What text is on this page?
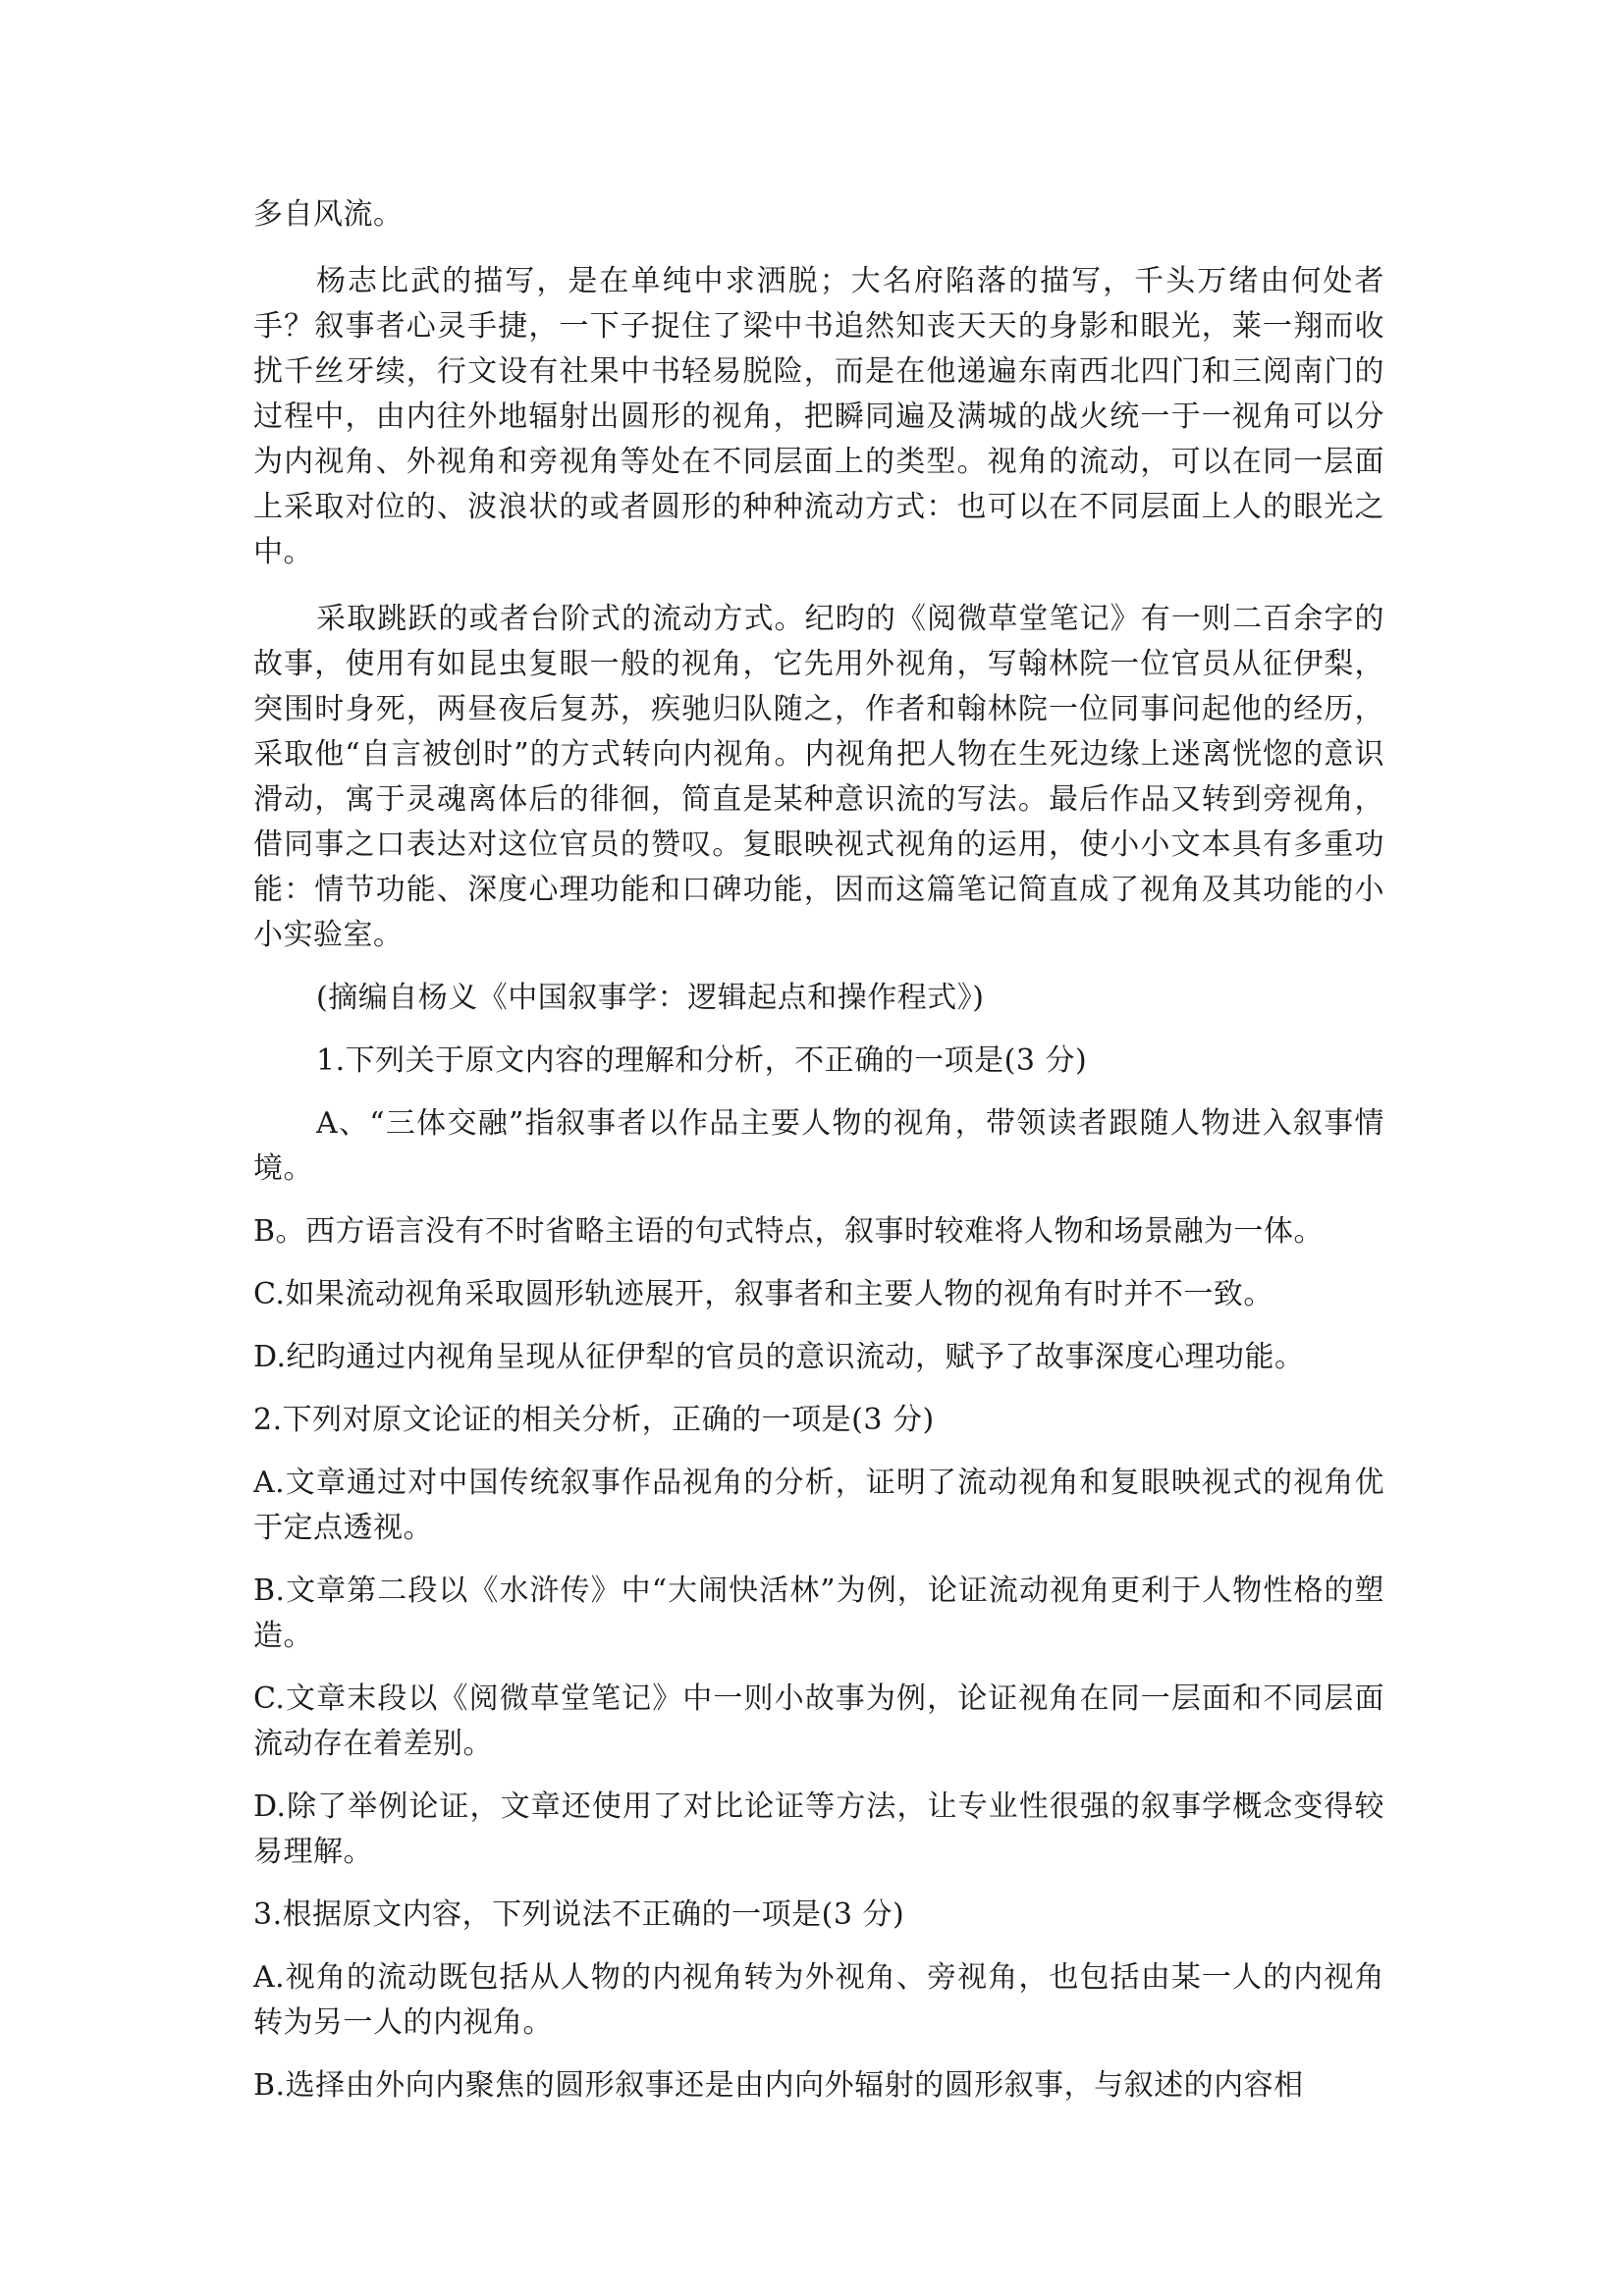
多自风流。

杨志比武的描写，是在单纯中求洒脱；大名府陷落的描写，千头万绪由何处者手？叙事者心灵手捷，一下子捉住了梁中书追然知丧天天的身影和眼光，莱一翔而收扰千丝牙续，行文设有社果中书轻易脱险，而是在他递遍东南西北四门和三阅南门的过程中，由内往外地辐射出圆形的视角，把瞬同遍及满城的战火统一于一视角可以分为内视角、外视角和旁视角等处在不同层面上的类型。视角的流动，可以在同一层面上采取对位的、波浪状的或者圆形的种种流动方式：也可以在不同层面上人的眼光之中。

采取跳跃的或者台阶式的流动方式。纪昀的《阅微草堂笔记》有一则二百余字的故事，使用有如昆虫复眼一般的视角，它先用外视角，写翰林院一位官员从征伊梨，突围时身死，两昼夜后复苏，疾驰归队随之，作者和翰林院一位同事问起他的经历，采取他“自言被创时”的方式转向内视角。内视角把人物在生死边缘上迷离恍惚的意识滑动，寓于灵魂离体后的徘徊，简直是某种意识流的写法。最后作品又转到旁视角，借同事之口表达对这位官员的赞叹。复眼映视式视角的运用，使小小文本具有多重功能：情节功能、深度心理功能和口碑功能，因而这篇笔记简直成了视角及其功能的小小实验室。

(摘编自杨义《中国叙事学：逻辑起点和操作程式》)

1.下列关于原文内容的理解和分析，不正确的一项是(3 分)

A、“三体交融”指叙事者以作品主要人物的视角，带领读者跟随人物进入叙事情境。

B。西方语言没有不时省略主语的句式特点，叙事时较难将人物和场景融为一体。

C.如果流动视角采取圆形轨迹展开，叙事者和主要人物的视角有时并不一致。

D.纪昀通过内视角呈现从征伊犁的官员的意识流动，赋予了故事深度心理功能。

2.下列对原文论证的相关分析，正确的一项是(3 分)

A.文章通过对中国传统叙事作品视角的分析，证明了流动视角和复眼映视式的视角优于定点透视。

B.文章第二段以《水浒传》中“大闹快活林”为例，论证流动视角更利于人物性格的塑造。

C.文章末段以《阅微草堂笔记》中一则小故事为例，论证视角在同一层面和不同层面流动存在着差别。

D.除了举例论证，文章还使用了对比论证等方法，让专业性很强的叙事学概念变得较易理解。

3.根据原文内容，下列说法不正确的一项是(3 分)

A.视角的流动既包括从人物的内视角转为外视角、旁视角，也包括由某一人的内视角转为另一人的内视角。

B.选择由外向内聚焦的圆形叙事还是由内向外辐射的圆形叙事，与叙述的内容相
